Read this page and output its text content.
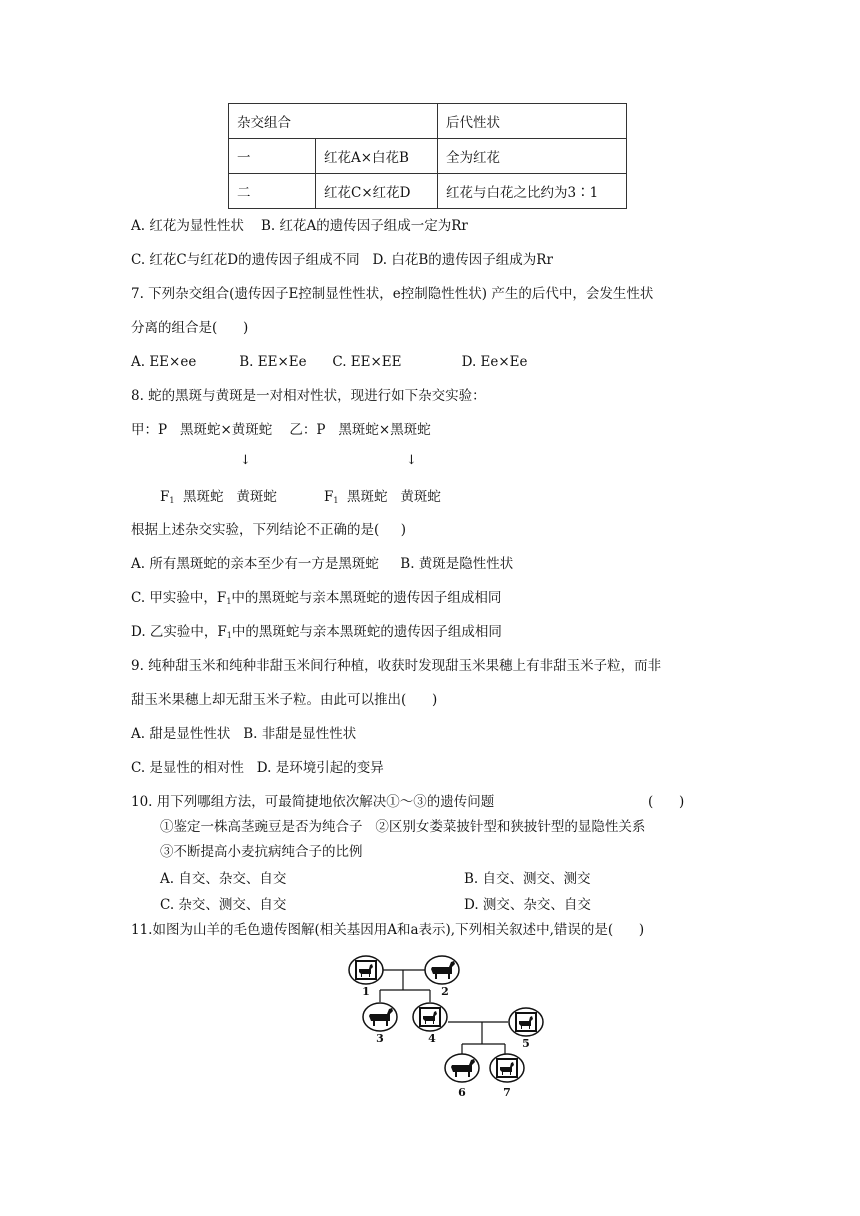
杂交组合		后代性状
一	红花A×白花B	全为红花
二	红花C×红花D	红花与白花之比约为3∶1
A. 红花为显性性状    B. 红花A的遗传因子组成一定为Rr
C. 红花C与红花D的遗传因子组成不同   D. 白花B的遗传因子组成为Rr
7. 下列杂交组合(遗传因子E控制显性性状，e控制隐性性状) 产生的后代中，会发生性状
分离的组合是(      )
A. EE×ee          B. EE×Ee      C. EE×EE              D. Ee×Ee
8. 蛇的黑斑与黄斑是一对相对性状，现进行如下杂交实验：
甲：P   黑斑蛇×黄斑蛇    乙：P   黑斑蛇×黑斑蛇
↓	↓
$F_1$  黑斑蛇   黄斑蛇	$F_1$  黑斑蛇   黄斑蛇
根据上述杂交实验，下列结论不正确的是(     )
A. 所有黑斑蛇的亲本至少有一方是黑斑蛇     B. 黄斑是隐性性状
C. 甲实验中，$F_1$中的黑斑蛇与亲本黑斑蛇的遗传因子组成相同
D. 乙实验中，$F_1$中的黑斑蛇与亲本黑斑蛇的遗传因子组成相同
9. 纯种甜玉米和纯种非甜玉米间行种植，收获时发现甜玉米果穗上有非甜玉米子粒，而非
甜玉米果穗上却无甜玉米子粒。由此可以推出(      )
A. 甜是显性性状   B. 非甜是显性性状
C. 是显性的相对性   D. 是环境引起的变异
10. 用下列哪组方法，可最简捷地依次解决①～③的遗传问题	(      )
①鉴定一株高茎豌豆是否为纯合子   ②区别女娄菜披针型和狭披针型的显隐性关系
③不断提高小麦抗病纯合子的比例
A. 自交、杂交、自交	B. 自交、测交、测交
C. 杂交、测交、自交	D. 测交、杂交、自交
11.如图为山羊的毛色遗传图解(相关基因用A和a表示),下列相关叙述中,错误的是(      )
1	2
3	4	5
6	7
